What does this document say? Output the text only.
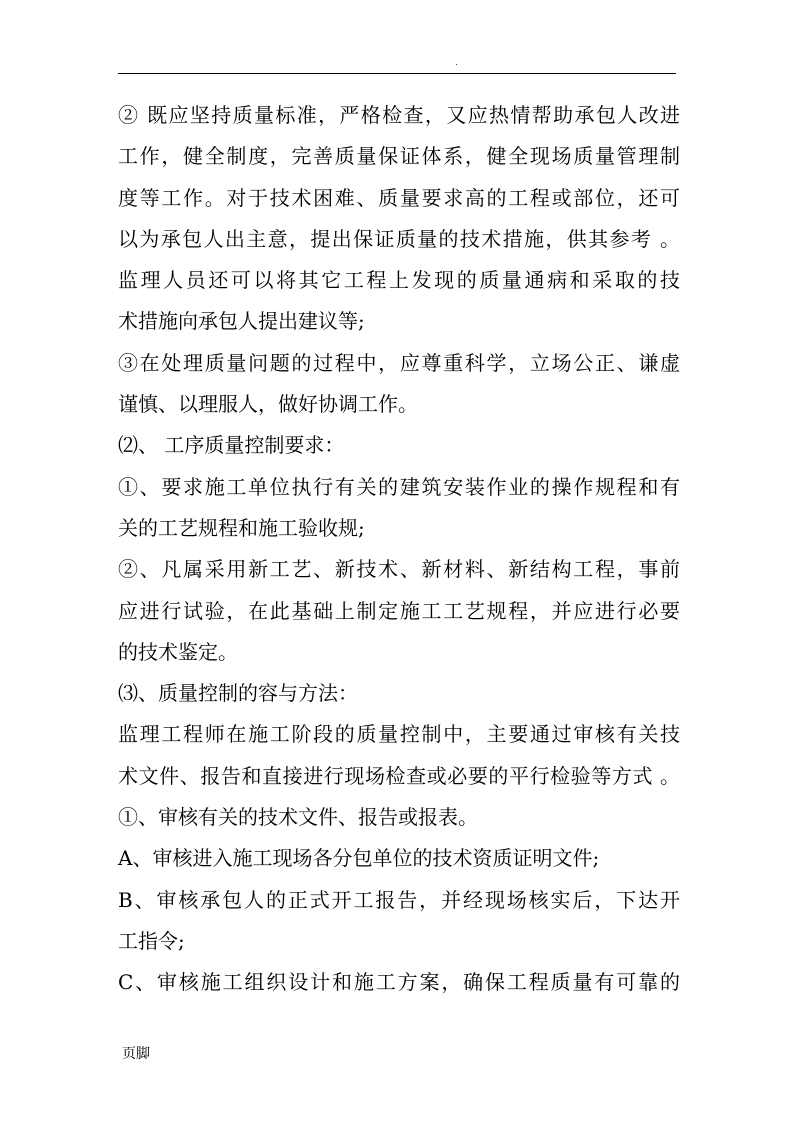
.
② 既应坚持质量标准，严格检查，又应热情帮助承包人改进
工作，健全制度，完善质量保证体系，健全现场质量管理制
度等工作。对于技术困难、质量要求高的工程或部位，还可
以为承包人出主意，提出保证质量的技术措施，供其参考 。
监理人员还可以将其它工程上发现的质量通病和采取的技
术措施向承包人提出建议等;
③在处理质量问题的过程中，应尊重科学，立场公正、谦虚
谨慎、以理服人，做好协调工作。
⑵、 工序质量控制要求：
①、要求施工单位执行有关的建筑安装作业的操作规程和有
关的工艺规程和施工验收规;
②、凡属采用新工艺、新技术、新材料、新结构工程，事前
应进行试验，在此基础上制定施工工艺规程，并应进行必要
的技术鉴定。
⑶、质量控制的容与方法：
监理工程师在施工阶段的质量控制中，主要通过审核有关技
术文件、报告和直接进行现场检查或必要的平行检验等方式 。
①、审核有关的技术文件、报告或报表。
A、审核进入施工现场各分包单位的技术资质证明文件;
B、审核承包人的正式开工报告，并经现场核实后，下达开
工指令;
C、审核施工组织设计和施工方案，确保工程质量有可靠的
页脚
